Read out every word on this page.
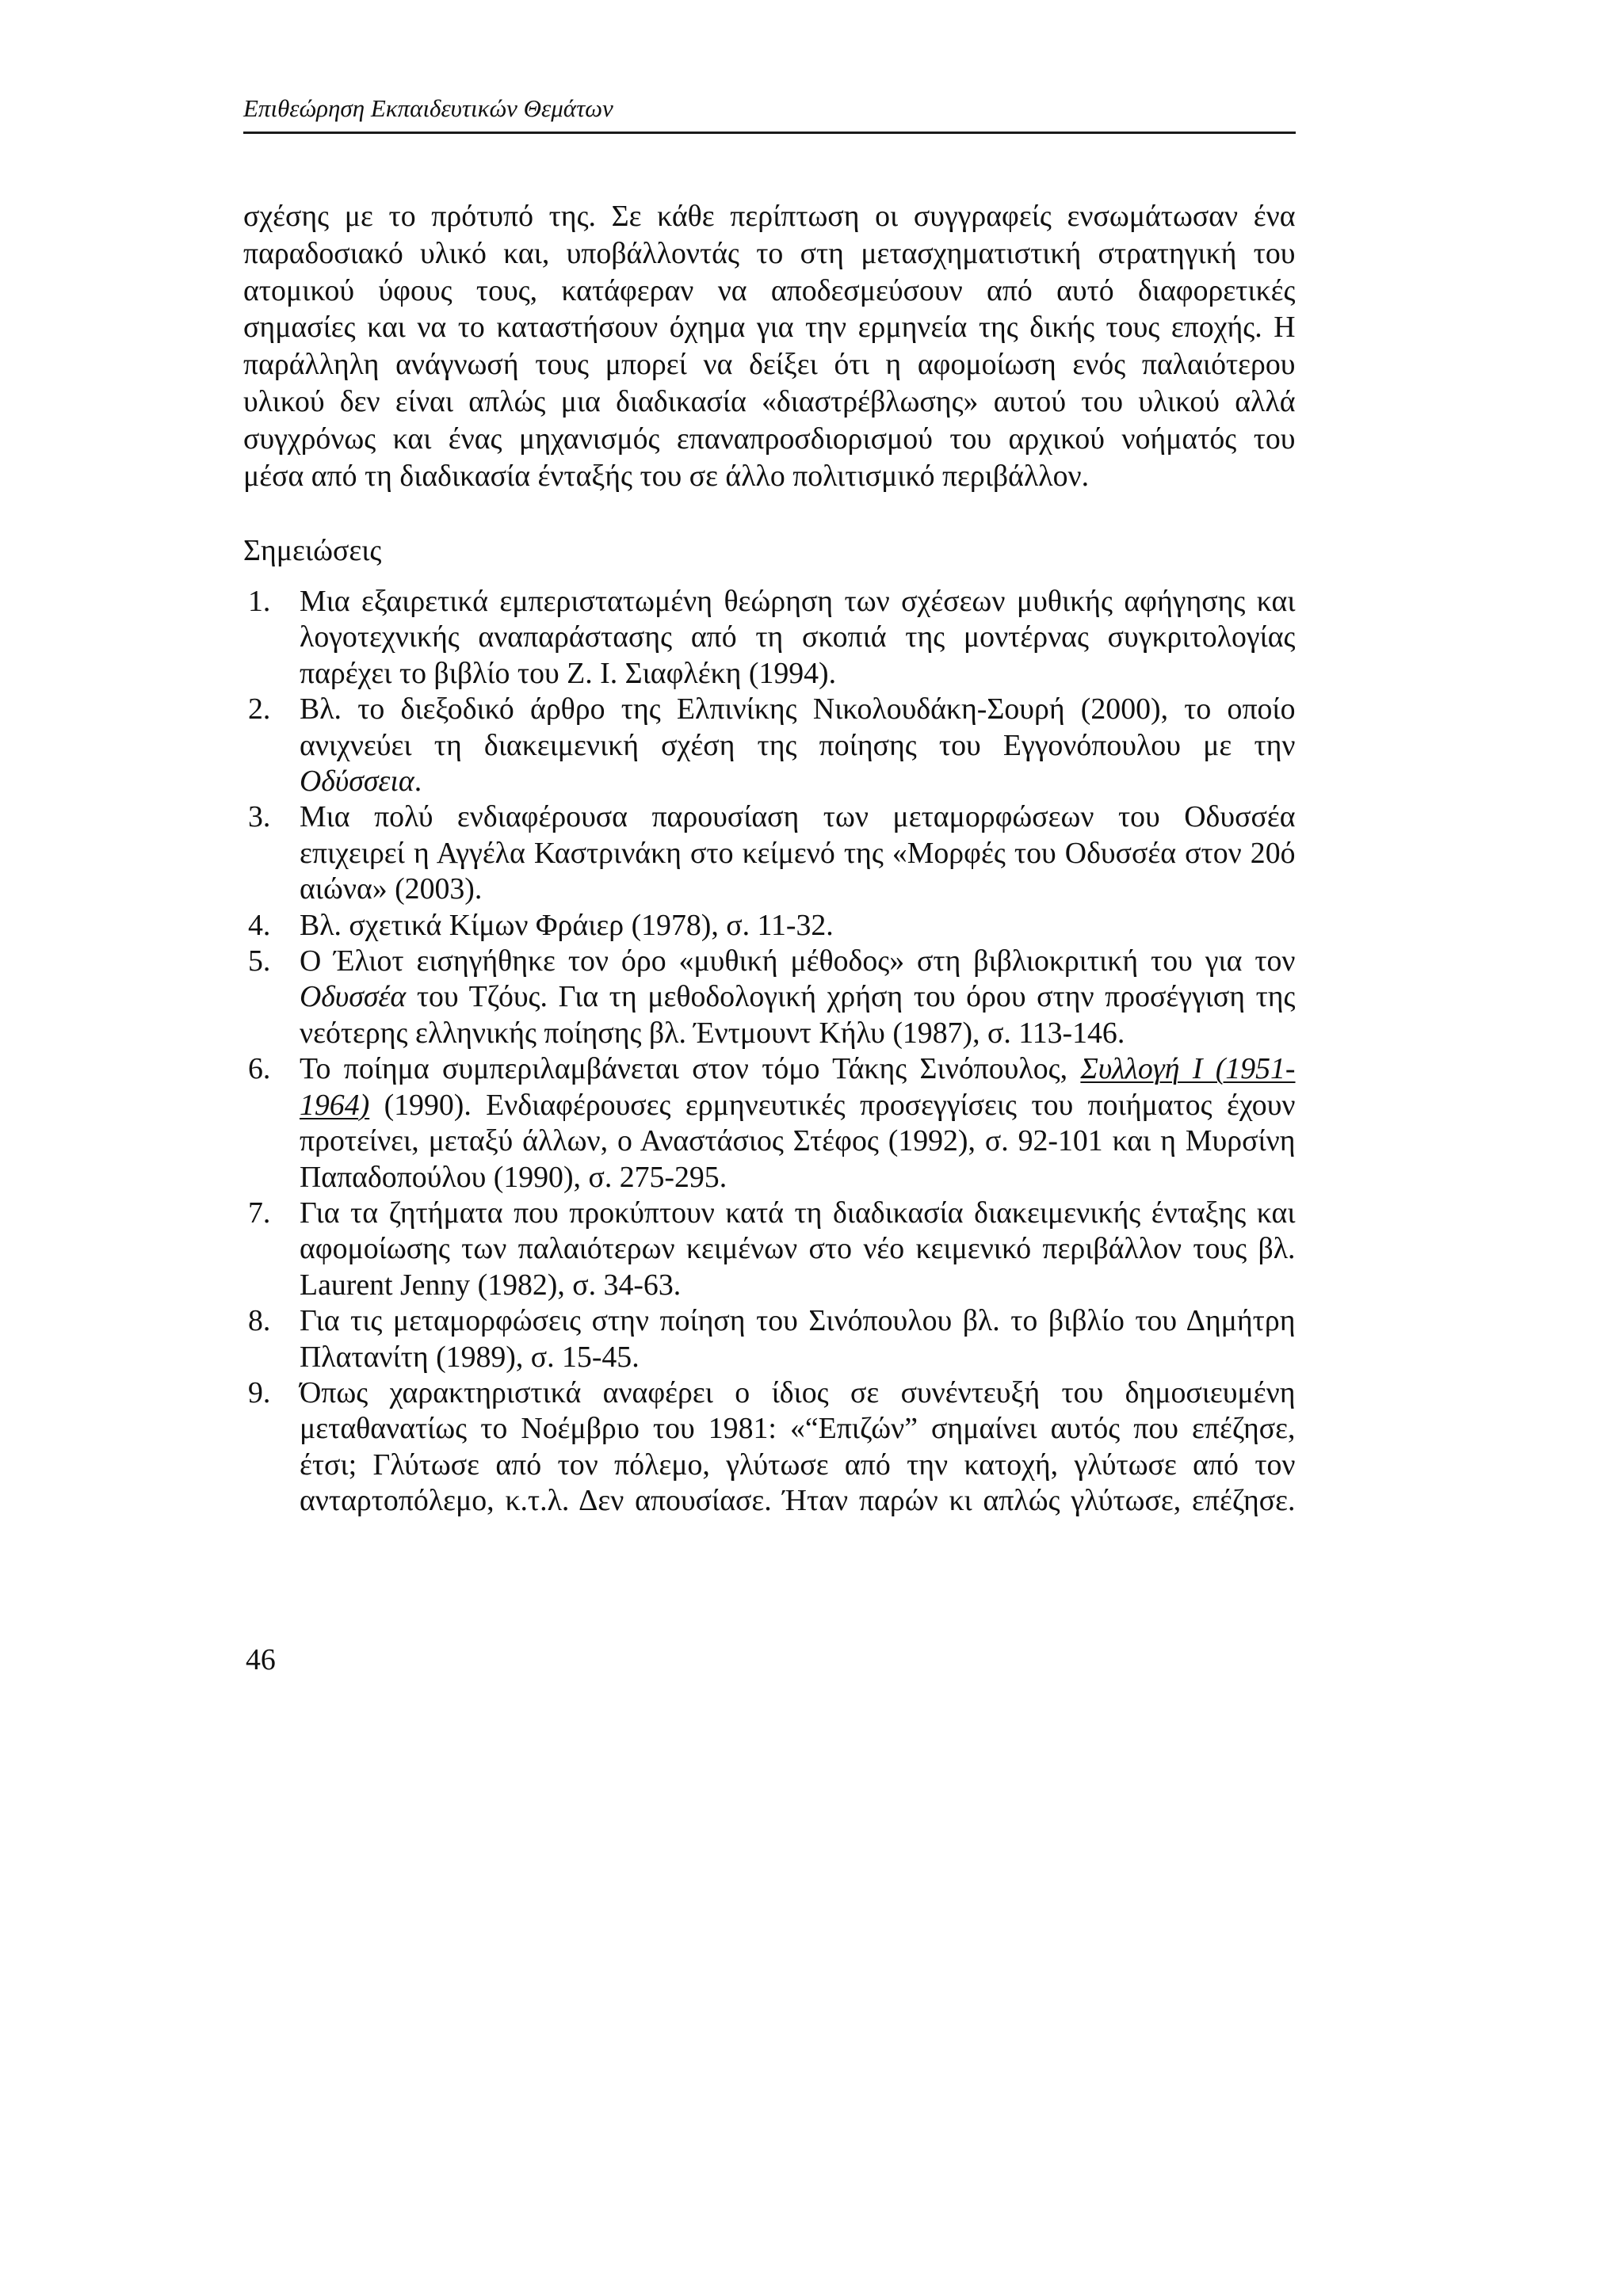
Επιθεώρηση Εκπαιδευτικών Θεμάτων
σχέσης με το πρότυπό της. Σε κάθε περίπτωση οι συγγραφείς ενσωμάτωσαν ένα
παραδοσιακό υλικό και, υποβάλλοντάς το στη μετασχηματιστική στρατηγική του
ατομικού ύφους τους, κατάφεραν να αποδεσμεύσουν από αυτό διαφορετικές
σημασίες και να το καταστήσουν όχημα για την ερμηνεία της δικής τους εποχής. Η
παράλληλη ανάγνωσή τους μπορεί να δείξει ότι η αφομοίωση ενός παλαιότερου
υλικού δεν είναι απλώς μια διαδικασία «διαστρέβλωσης» αυτού του υλικού αλλά
συγχρόνως και ένας μηχανισμός επαναπροσδιορισμού του αρχικού νοήματός του
μέσα από τη διαδικασία ένταξής του σε άλλο πολιτισμικό περιβάλλον.
Σημειώσεις
1. Μια εξαιρετικά εμπεριστατωμένη θεώρηση των σχέσεων μυθικής αφήγησης και
λογοτεχνικής αναπαράστασης από τη σκοπιά της μοντέρνας συγκριτολογίας
παρέχει το βιβλίο του Ζ. Ι. Σιαφλέκη (1994).
2. Βλ. το διεξοδικό άρθρο της Ελπινίκης Νικολουδάκη-Σουρή (2000), το οποίο
ανιχνεύει τη διακειμενική σχέση της ποίησης του Εγγονόπουλου με την
Οδύσσεια.
3. Μια πολύ ενδιαφέρουσα παρουσίαση των μεταμορφώσεων του Οδυσσέα
επιχειρεί η Αγγέλα Καστρινάκη στο κείμενό της «Μορφές του Οδυσσέα στον 20ό
αιώνα» (2003).
4. Βλ. σχετικά Κίμων Φράιερ (1978), σ. 11-32.
5. Ο Έλιοτ εισηγήθηκε τον όρο «μυθική μέθοδος» στη βιβλιοκριτική του για τον
Οδυσσέα του Τζόυς. Για τη μεθοδολογική χρήση του όρου στην προσέγγιση της
νεότερης ελληνικής ποίησης βλ. Έντμουντ Κήλυ (1987), σ. 113-146.
6. Το ποίημα συμπεριλαμβάνεται στον τόμο Τάκης Σινόπουλος, Συλλογή Ι (1951-
1964) (1990). Ενδιαφέρουσες ερμηνευτικές προσεγγίσεις του ποιήματος έχουν
προτείνει, μεταξύ άλλων, ο Αναστάσιος Στέφος (1992), σ. 92-101 και η Μυρσίνη
Παπαδοπούλου (1990), σ. 275-295.
7. Για τα ζητήματα που προκύπτουν κατά τη διαδικασία διακειμενικής ένταξης και
αφομοίωσης των παλαιότερων κειμένων στο νέο κειμενικό περιβάλλον τους βλ.
Laurent Jenny (1982), σ. 34-63.
8. Για τις μεταμορφώσεις στην ποίηση του Σινόπουλου βλ. το βιβλίο του Δημήτρη
Πλατανίτη (1989), σ. 15-45.
9. Όπως χαρακτηριστικά αναφέρει ο ίδιος σε συνέντευξή του δημοσιευμένη
μεταθανατίως το Νοέμβριο του 1981: «“Επιζών” σημαίνει αυτός που επέζησε,
έτσι; Γλύτωσε από τον πόλεμο, γλύτωσε από την κατοχή, γλύτωσε από τον
ανταρτοπόλεμο, κ.τ.λ. Δεν απουσίασε. Ήταν παρών κι απλώς γλύτωσε, επέζησε.
46
